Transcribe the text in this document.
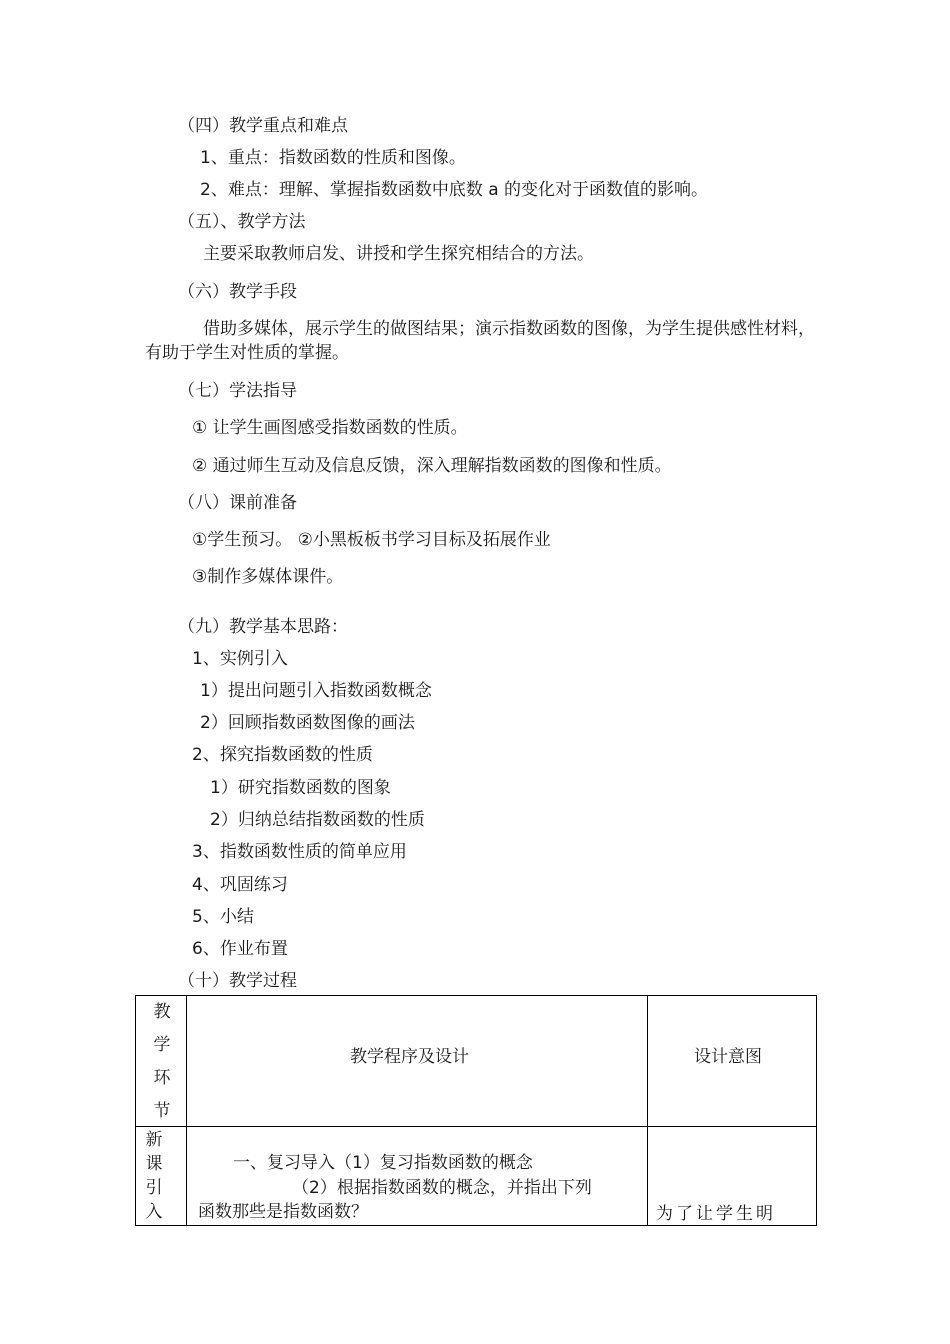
（四）教学重点和难点

1、重点：指数函数的性质和图像。

2、难点：理解、掌握指数函数中底数 a 的变化对于函数值的影响。

（五）、教学方法

主要采取教师启发、讲授和学生探究相结合的方法。

（六）教学手段

借助多媒体，展示学生的做图结果；演示指数函数的图像，为学生提供感性材料，有助于学生对性质的掌握。

（七）学法指导

① 让学生画图感受指数函数的性质。

② 通过师生互动及信息反馈，深入理解指数函数的图像和性质。

（八）课前准备

①学生预习。 ②小黑板板书学习目标及拓展作业

③制作多媒体课件。

（九）教学基本思路：

1、实例引入

1）提出问题引入指数函数概念

2）回顾指数函数图像的画法

2、探究指数函数的性质

1）研究指数函数的图象

2）归纳总结指数函数的性质

3、指数函数性质的简单应用

4、巩固练习

5、小结

6、作业布置

（十）教学过程

教
学
环
节
教学程序及设计	设计意图
新
课
引
入
一、复习导入（1）复习指数函数的概念
（2）根据指数函数的概念，并指出下列
函数那些是指数函数？	为了让学生明
